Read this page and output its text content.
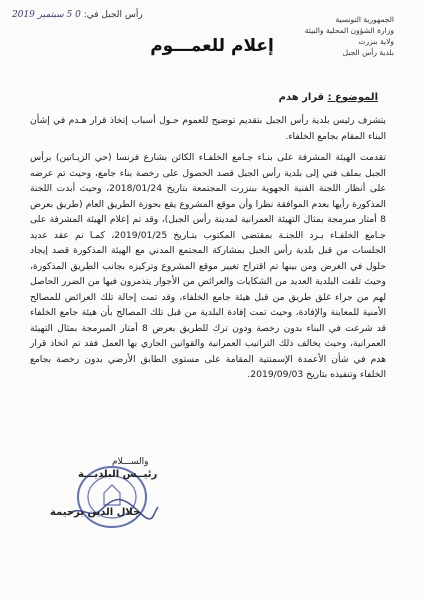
الجمهورية التونسية
وزارة الشؤون المحلية والبيئة
ولاية بنزرت
بلدية رأس الجبل
رأس الجبل في: 0 5 سبتمبر 2019
إعلام للعمـــوم
الموضوع : قرار هدم
يتشرف رئيس بلدية رأس الجبل بتقديم توضيح للعموم حـول أسباب إتخاذ قرار هـدم في إشأن البناء المقام بجامع الخلفاء.
تقدمت الهيئة المشرفة على بنـاء جـامع الخلفـاء الكائن بشارع فرنسا (حي الزيـاتين) برأس الجبل بملف فني إلى بلدية رأس الجبل قصد الحصول على رخصة بناء جامع، وحيث تم عرضه على أنظار اللجنة الفنية الجهوية ببنزرت المجتمعة بتاريخ 2018/01/24، وحيث أبدت اللجنة المذكورة رأيها بعدم الموافقة نظرا وأن موقع المشروع يقع بحوزة الطريق العام (طريق بعرض 8 أمتار مبرمجة بمثال التهيئة العمرانية لمدينة رأس الجبل)، وقد تم إعلام الهيئة المشرفة على جـامع الخلفـاء بـرد اللجنـة بمقتضى المكتوب بتـاريخ 2019/01/25، كمـا تم عقد عديد الجلسات من قبل بلدية رأس الجبل بمشاركة المجتمع المدني مع الهيئة المذكورة قصد إيجاد حلول في الغرض ومن بينها تم اقتراح تغيير موقع المشروع وتركيزه بجانب الطريق المذكورة، وحيث تلقت البلدية العديد من الشكايات والعرائض من الأجوار يتذمرون فيها من الضرر الحاصل لهم من جراء غلق طريق من قبل هيئة جامع الخلفاء، وقد تمت إحالة تلك العرائض للمصالح الأمنية للمعاينة والإفادة، وحيث تمت إفادة البلدية من قبل تلك المصالح بأن هيئة جامع الخلفاء قد شرعت في البناء بدون رخصة ودون ترك للطريق بعرض 8 أمتار المبرمجة بمثال التهيئة العمرانية، وحيث يخالف ذلك التراتيب العمرانية والقوانين الجاري بها العمل فقد تم اتخاذ قرار هدم في شأن الأعمدة الإسمنتية المقامة على مستوى الطابق الأرضي بدون رخصة بجامع الخلفاء وتنفيذه بتاريخ 2019/09/03.
والســـلام
رئيــس البلديـــة
جلال الدين برحيمة
